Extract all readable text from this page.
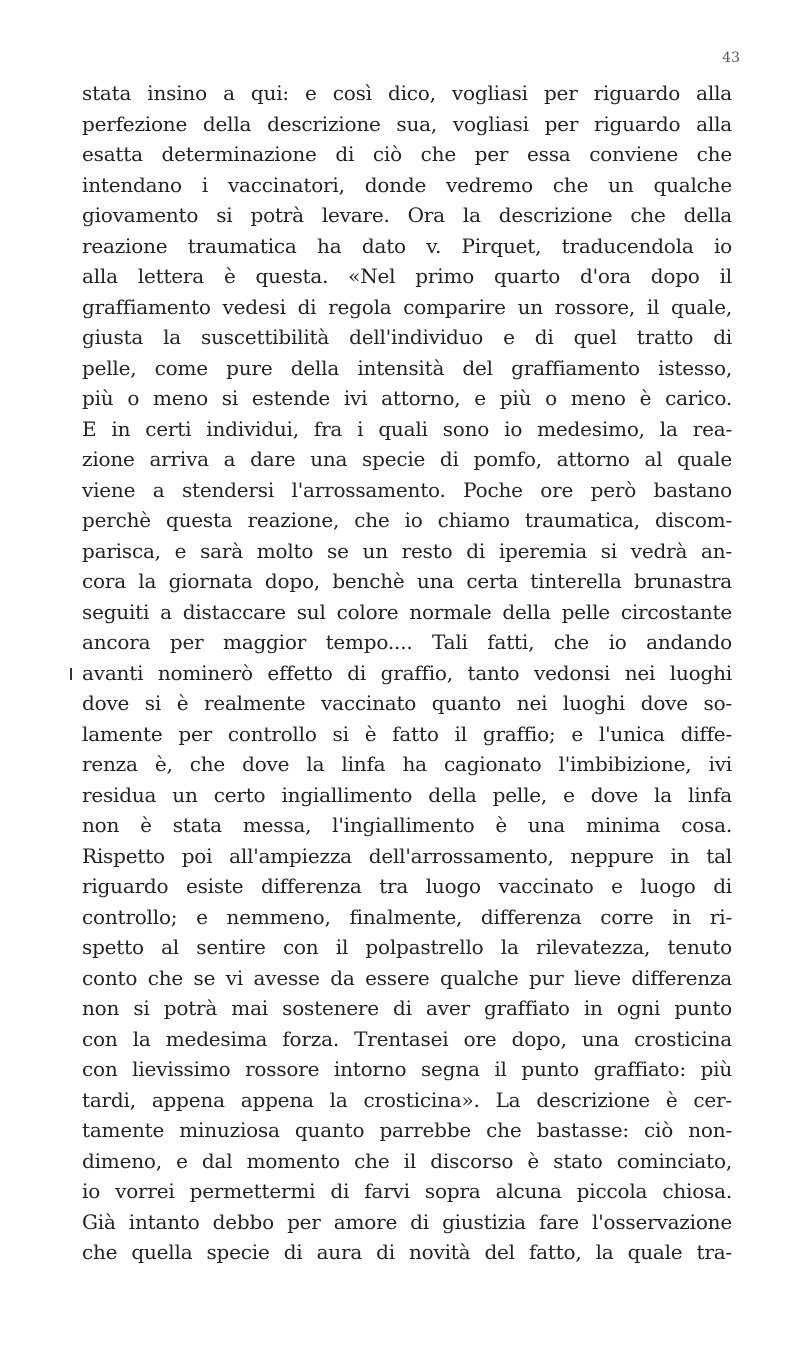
43
stata insino a qui: e così dico, vogliasi per riguardo alla
perfezione della descrizione sua, vogliasi per riguardo alla
esatta determinazione di ciò che per essa conviene che
intendano i vaccinatori, donde vedremo che un qualche
giovamento si potrà levare. Ora la descrizione che della
reazione traumatica ha dato v. Pirquet, traducendola io
alla lettera è questa. «Nel primo quarto d'ora dopo il
graffiamento vedesi di regola comparire un rossore, il quale,
giusta la suscettibilità dell'individuo e di quel tratto di
pelle, come pure della intensità del graffiamento istesso,
più o meno si estende ivi attorno, e più o meno è carico.
E in certi individui, fra i quali sono io medesimo, la rea-
zione arriva a dare una specie di pomfo, attorno al quale
viene a stendersi l'arrossamento. Poche ore però bastano
perchè questa reazione, che io chiamo traumatica, discom-
parisca, e sarà molto se un resto di iperemia si vedrà an-
cora la giornata dopo, benchè una certa tinterella brunastra
seguiti a distaccare sul colore normale della pelle circostante
ancora per maggior tempo.... Tali fatti, che io andando
avanti nominerò effetto di graffio, tanto vedonsi nei luoghi
dove si è realmente vaccinato quanto nei luoghi dove so-
lamente per controllo si è fatto il graffio; e l'unica diffe-
renza è, che dove la linfa ha cagionato l'imbibizione, ivi
residua un certo ingiallimento della pelle, e dove la linfa
non è stata messa, l'ingiallimento è una minima cosa.
Rispetto poi all'ampiezza dell'arrossamento, neppure in tal
riguardo esiste differenza tra luogo vaccinato e luogo di
controllo; e nemmeno, finalmente, differenza corre in ri-
spetto al sentire con il polpastrello la rilevatezza, tenuto
conto che se vi avesse da essere qualche pur lieve differenza
non si potrà mai sostenere di aver graffiato in ogni punto
con la medesima forza. Trentasei ore dopo, una crosticina
con lievissimo rossore intorno segna il punto graffiato: più
tardi, appena appena la crosticina». La descrizione è cer-
tamente minuziosa quanto parrebbe che bastasse: ciò non-
dimeno, e dal momento che il discorso è stato cominciato,
io vorrei permettermi di farvi sopra alcuna piccola chiosa.
Già intanto debbo per amore di giustizia fare l'osservazione
che quella specie di aura di novità del fatto, la quale tra-
